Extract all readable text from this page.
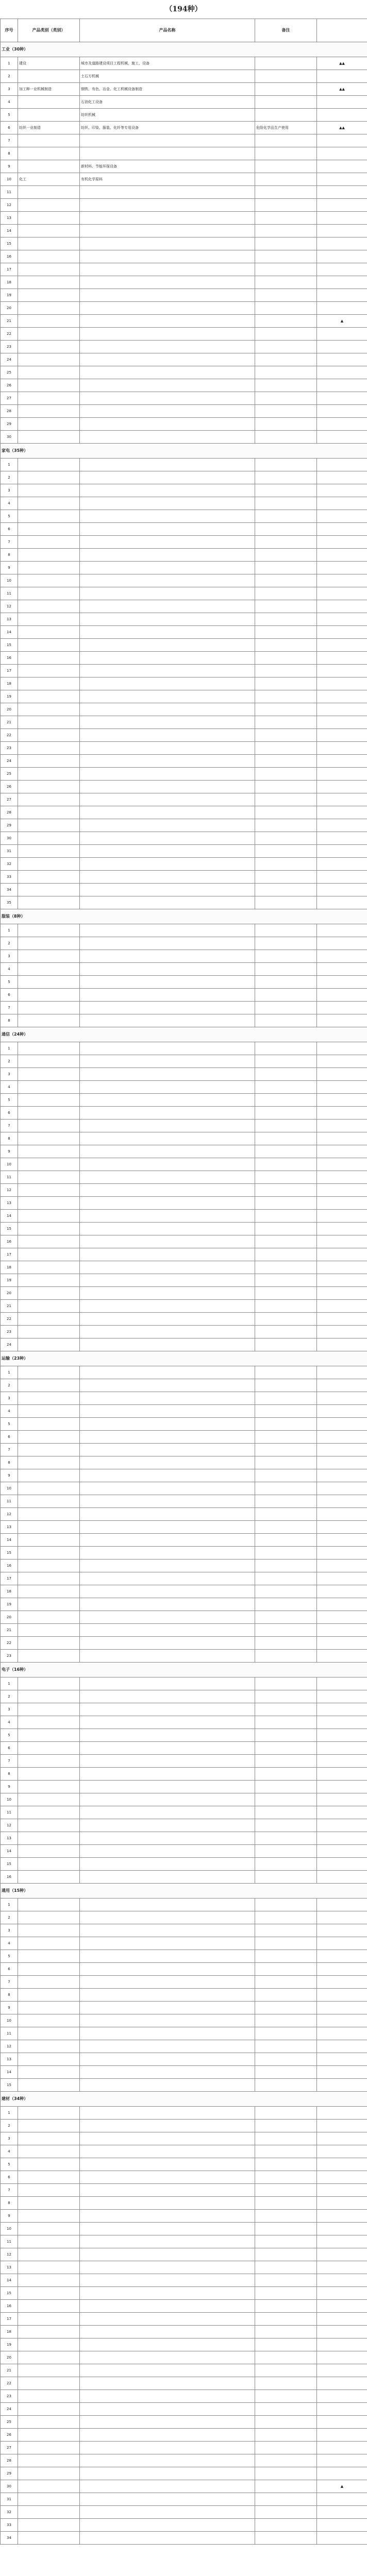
（194种）
序号	产品类别（类别）	产品名称	备注	
工业（30种）				
1	建设	城市及道路建设项目工程机械、施工、设备		▲▲
2		土石方机械		
3	加工种一业机械制造	钢铁、有色、冶金、化工机械设备制造		▲▲
4		石油化工设备		
5		纺织机械		
6	纺织一业制造	纺织、印染、服装、化纤等专用设备	危险化学品生产使用	▲▲
7				
8				
9		新材料、节能环保设备		
10	化工	有机化学原料		
11				
12				
13				
14				
15				
16				
17				
18				
19				
20				
21				▲
22				
23				
24				
25				
26				
27				
28				
29				
30				
家电（35种）				
1				
2				
3				
4				
5				
6				
7				
8				
9				
10				
11				
12				
13				
14				
15				
16				
17				
18				
19				
20				
21				
22				
23				
24				
25				
26				
27				
28				
29				
30				
31				
32				
33				
34				
35				
服装（8种）				
1				
2				
3				
4				
5				
6				
7				
8				
通信（24种）				
1				
2				
3				
4				
5				
6				
7				
8				
9				
10				
11				
12				
13				
14				
15				
16				
17				
18				
19				
20				
21				
22				
23				
24				
运输（23种）				
1				
2				
3				
4				
5				
6				
7				
8				
9				
10				
11				
12				
13				
14				
15				
16				
17				
18				
19				
20				
21				
22				
23				
电子（16种）				
1				
2				
3				
4				
5				
6				
7				
8				
9				
10				
11				
12				
13				
14				
15				
16				
通用（15种）				
1				
2				
3				
4				
5				
6				
7				
8				
9				
10				
11				
12				
13				
14				
15				
建材（34种）				
1				
2				
3				
4				
5				
6				
7				
8				
9				
10				
11				
12				
13				
14				
15				
16				
17				
18				
19				
20				
21				
22				
23				
24				
25				
26				
27				
28				
29				
30				▲
31				
32				
33				
34				
